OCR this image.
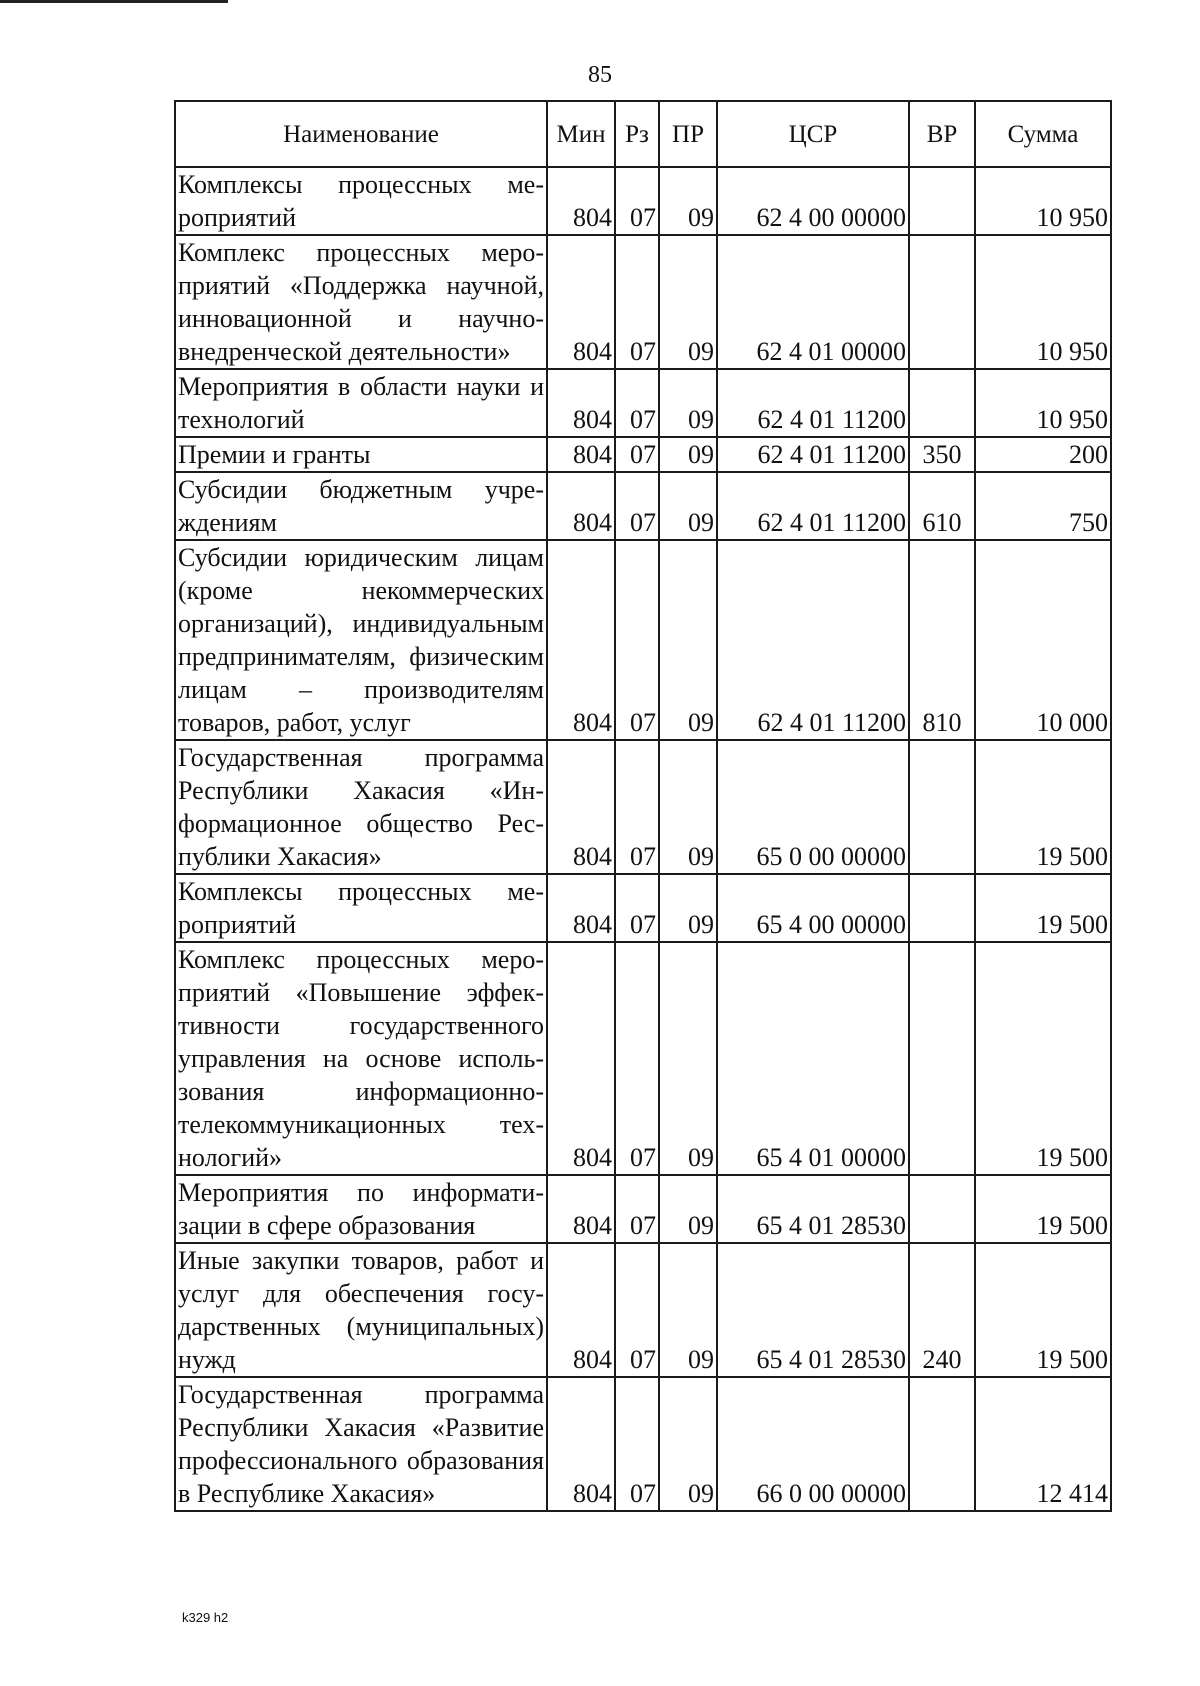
85
Наименование	Мин	Рз	ПР	ЦСР	ВР	Сумма
Комплексы процессных мероприятий	804	07	09	62 4 00 00000		10 950
Комплекс процессных мероприятий «Поддержка научной, инновационной и научно-внедренческой деятельности»	804	07	09	62 4 01 00000		10 950
Мероприятия в области науки и технологий	804	07	09	62 4 01 11200		10 950
Премии и гранты	804	07	09	62 4 01 11200	350	200
Субсидии бюджетным учреждениям	804	07	09	62 4 01 11200	610	750
Субсидии юридическим лицам (кроме некоммерческих организаций), индивидуальным предпринимателям, физическим лицам – производителям товаров, работ, услуг	804	07	09	62 4 01 11200	810	10 000
Государственная программа Республики Хакасия «Информационное общество Республики Хакасия»	804	07	09	65 0 00 00000		19 500
Комплексы процессных мероприятий	804	07	09	65 4 00 00000		19 500
Комплекс процессных мероприятий «Повышение эффективности государственного управления на основе использования информационно-телекоммуникационных технологий»	804	07	09	65 4 01 00000		19 500
Мероприятия по информатизации в сфере образования	804	07	09	65 4 01 28530		19 500
Иные закупки товаров, работ и услуг для обеспечения государственных (муниципальных) нужд	804	07	09	65 4 01 28530	240	19 500
Государственная программа Республики Хакасия «Развитие профессионального образования в Республике Хакасия»	804	07	09	66 0 00 00000		12 414
k329 h2
